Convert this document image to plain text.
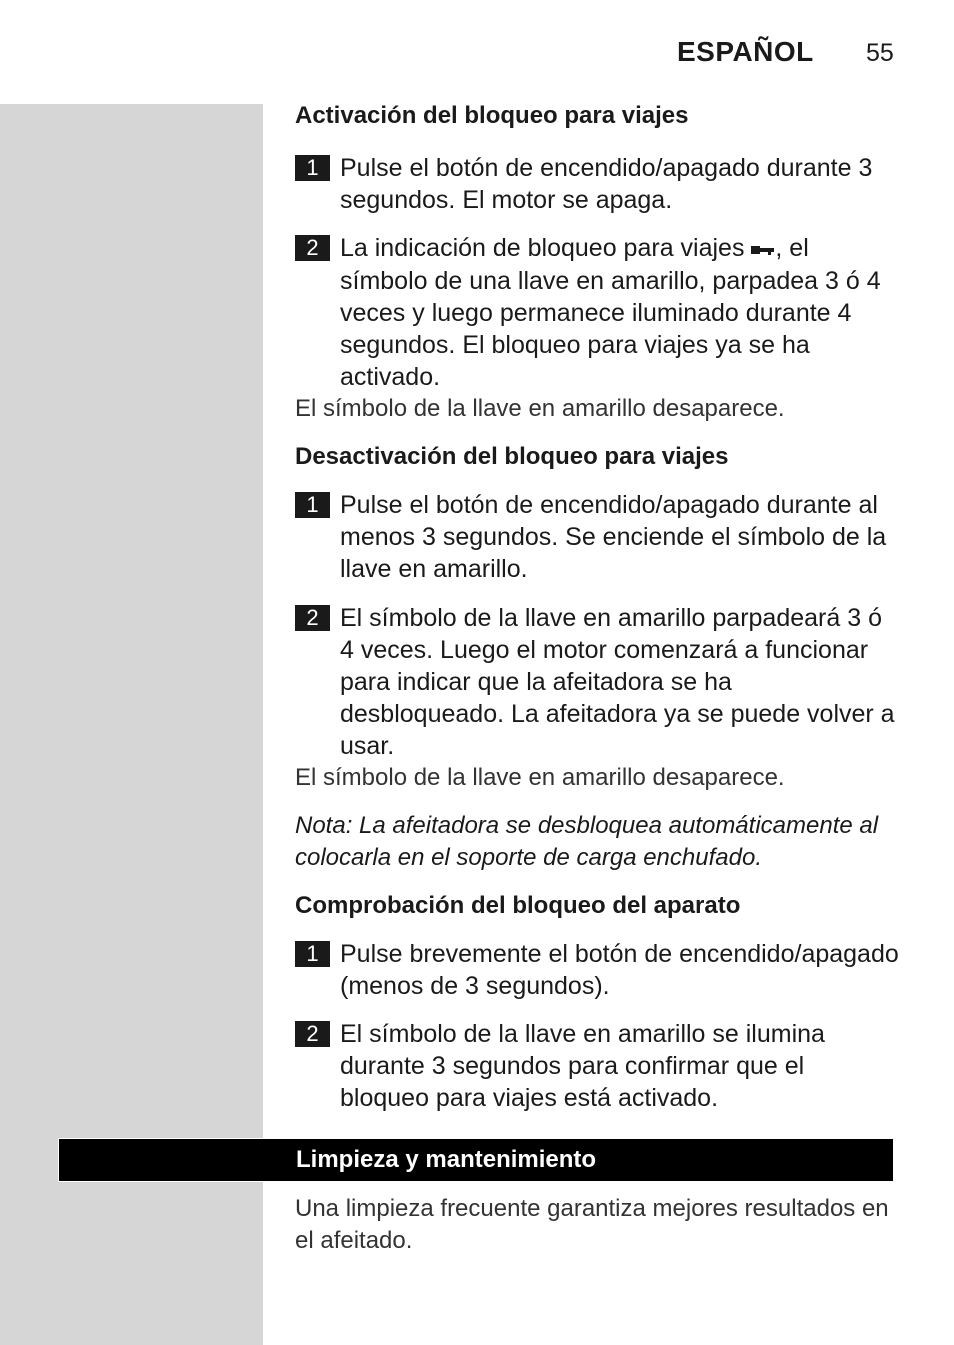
ESPAÑOL 55
Activación del bloqueo para viajes
1 Pulse el botón de encendido/apagado durante 3 segundos. El motor se apaga.
2 La indicación de bloqueo para viajes , el símbolo de una llave en amarillo, parpadea 3 ó 4 veces y luego permanece iluminado durante 4 segundos. El bloqueo para viajes ya se ha activado.
El símbolo de la llave en amarillo desaparece.
Desactivación del bloqueo para viajes
1 Pulse el botón de encendido/apagado durante al menos 3 segundos. Se enciende el símbolo de la llave en amarillo.
2 El símbolo de la llave en amarillo parpadeará 3 ó 4 veces. Luego el motor comenzará a funcionar para indicar que la afeitadora se ha desbloqueado. La afeitadora ya se puede volver a usar.
El símbolo de la llave en amarillo desaparece.
Nota: La afeitadora se desbloquea automáticamente al colocarla en el soporte de carga enchufado.
Comprobación del bloqueo del aparato
1 Pulse brevemente el botón de encendido/apagado (menos de 3 segundos).
2 El símbolo de la llave en amarillo se ilumina durante 3 segundos para confirmar que el bloqueo para viajes está activado.
Limpieza y mantenimiento
Una limpieza frecuente garantiza mejores resultados en el afeitado.
